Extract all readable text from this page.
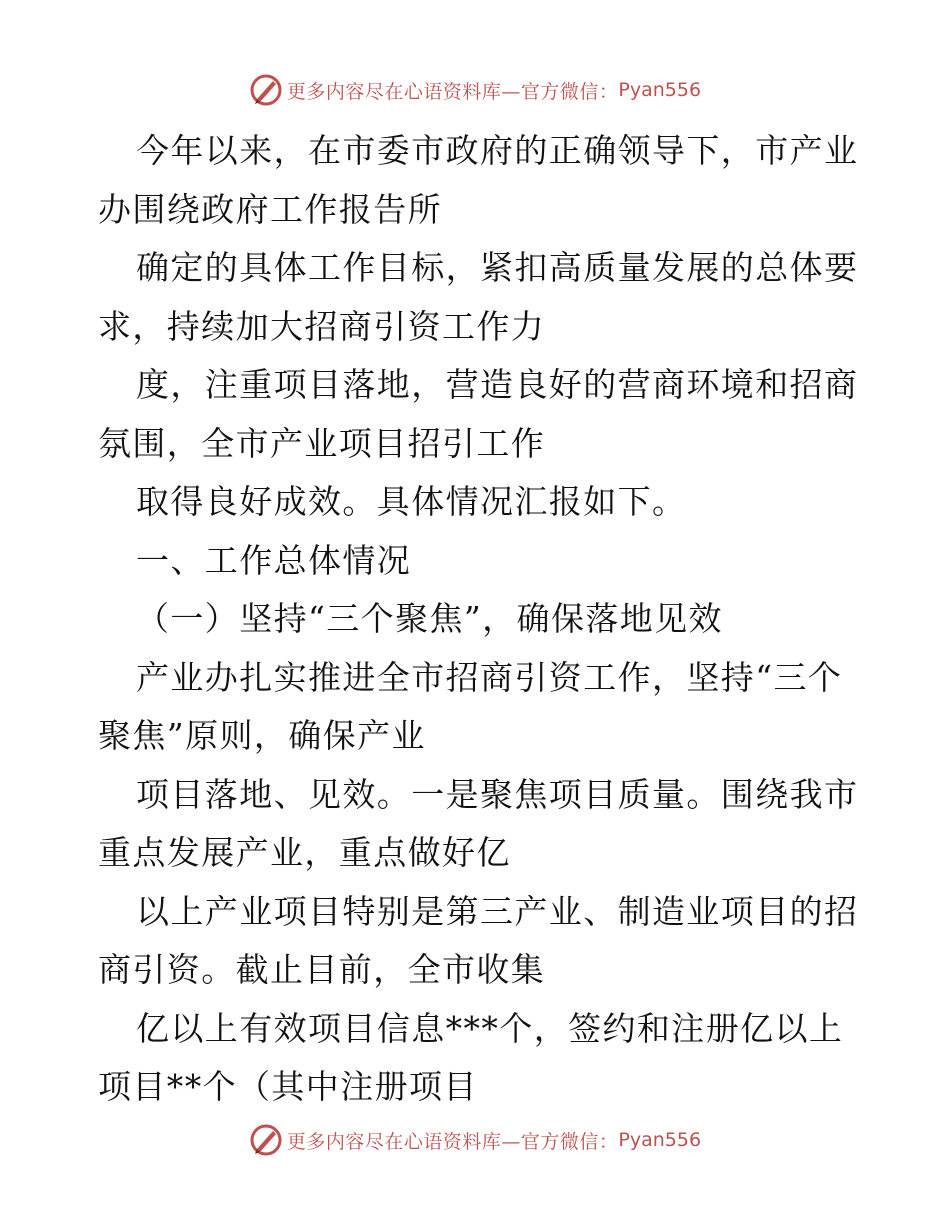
更多内容尽在心语资料库—官方微信： Pyan556
今年以来，在市委市政府的正确领导下，市产业
办围绕政府工作报告所
确定的具体工作目标，紧扣高质量发展的总体要
求，持续加大招商引资工作力
度，注重项目落地，营造良好的营商环境和招商
氛围，全市产业项目招引工作
取得良好成效。具体情况汇报如下。
一、工作总体情况
（一）坚持“三个聚焦”，确保落地见效
产业办扎实推进全市招商引资工作，坚持“三个
聚焦”原则，确保产业
项目落地、见效。一是聚焦项目质量。围绕我市
重点发展产业，重点做好亿
以上产业项目特别是第三产业、制造业项目的招
商引资。截止目前，全市收集
亿以上有效项目信息***个，签约和注册亿以上
项目**个（其中注册项目
更多内容尽在心语资料库—官方微信： Pyan556
